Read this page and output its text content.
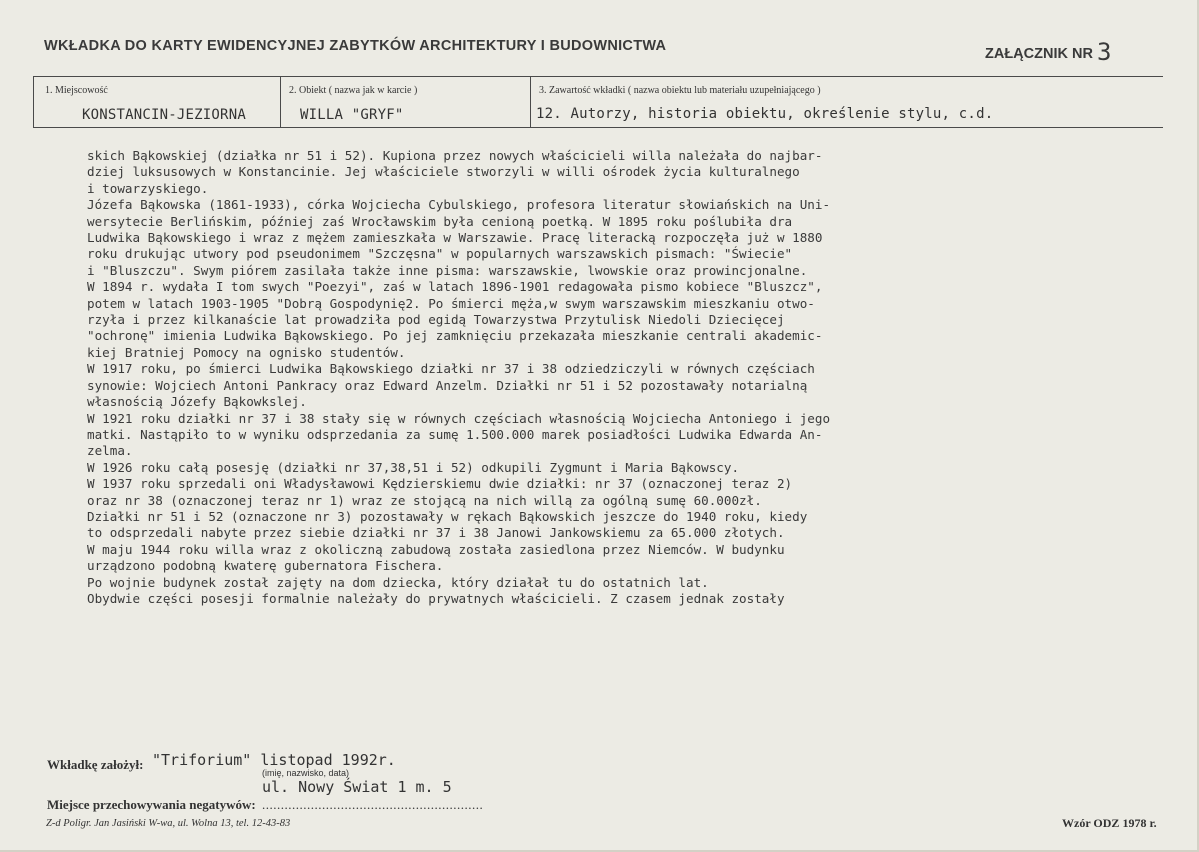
WKŁADKA DO KARTY EWIDENCYJNEJ ZABYTKÓW ARCHITEKTURY I BUDOWNICTWA	ZAŁĄCZNIK NR 3
1. Miejscowość
KONSTANCIN-JEZIORNA
2. Obiekt ( nazwa jak w karcie )
WILLA "GRYF"
3. Zawartość wkładki ( nazwa obiektu lub materiału uzupełniającego )
12. Autorzy, historia obiektu, określenie stylu, c.d.
skich Bąkowskiej (działka nr 51 i 52). Kupiona przez nowych właścicieli willa należała do najbar-
dziej luksusowych w Konstancinie. Jej właściciele stworzyli w willi ośrodek życia kulturalnego
i towarzyskiego.
Józefa Bąkowska (1861-1933), córka Wojciecha Cybulskiego, profesora literatur słowiańskich na Uni-
wersytecie Berlińskim, później zaś Wrocławskim była cenioną poetką. W 1895 roku poślubiła dra
Ludwika Bąkowskiego i wraz z mężem zamieszkała w Warszawie. Pracę literacką rozpoczęła już w 1880
roku drukując utwory pod pseudonimem "Szczęsna" w popularnych warszawskich pismach: "Świecie"
i "Bluszczu". Swym piórem zasilała także inne pisma: warszawskie, lwowskie oraz prowincjonalne.
W 1894 r. wydała I tom swych "Poezyi", zaś w latach 1896-1901 redagowała pismo kobiece "Bluszcz",
potem w latach 1903-1905 "Dobrą Gospodynię2. Po śmierci męża,w swym warszawskim mieszkaniu otwo-
rzyła i przez kilkanaście lat prowadziła pod egidą Towarzystwa Przytulisk Niedoli Dziecięcej
"ochronę" imienia Ludwika Bąkowskiego. Po jej zamknięciu przekazała mieszkanie centrali akademic-
kiej Bratniej Pomocy na ognisko studentów.
W 1917 roku, po śmierci Ludwika Bąkowskiego działki nr 37 i 38 odziedziczyli w równych częściach
synowie: Wojciech Antoni Pankracy oraz Edward Anzelm. Działki nr 51 i 52 pozostawały notarialną
własnością Józefy Bąkowkslej.
W 1921 roku działki nr 37 i 38 stały się w równych częściach własnością Wojciecha Antoniego i jego
matki. Nastąpiło to w wyniku odsprzedania za sumę 1.500.000 marek posiadłości Ludwika Edwarda An-
zelma.
W 1926 roku całą posesję (działki nr 37,38,51 i 52) odkupili Zygmunt i Maria Bąkowscy.
W 1937 roku sprzedali oni Władysławowi Kędzierskiemu dwie działki: nr 37 (oznaczonej teraz 2)
oraz nr 38 (oznaczonej teraz nr 1) wraz ze stojącą na nich willą za ogólną sumę 60.000zł.
Działki nr 51 i 52 (oznaczone nr 3) pozostawały w rękach Bąkowskich jeszcze do 1940 roku, kiedy
to odsprzedali nabyte przez siebie działki nr 37 i 38 Janowi Jankowskiemu za 65.000 złotych.
W maju 1944 roku willa wraz z okoliczną zabudową została zasiedlona przez Niemców. W budynku
urządzono podobną kwaterę gubernatora Fischera.
Po wojnie budynek został zajęty na dom dziecka, który działał tu do ostatnich lat.
Obydwie części posesji formalnie należały do prywatnych właścicieli. Z czasem jednak zostały
Wkładkę założył: "Triforium" listopad 1992r.
(imię, nazwisko, data)
ul. Nowy Świat 1 m. 5
Miejsce przechowywania negatywów: ...........................................................
Z-d Poligr. Jan Jasiński W-wa, ul. Wolna 13, tel. 12-43-83	Wzór ODZ 1978 r.
